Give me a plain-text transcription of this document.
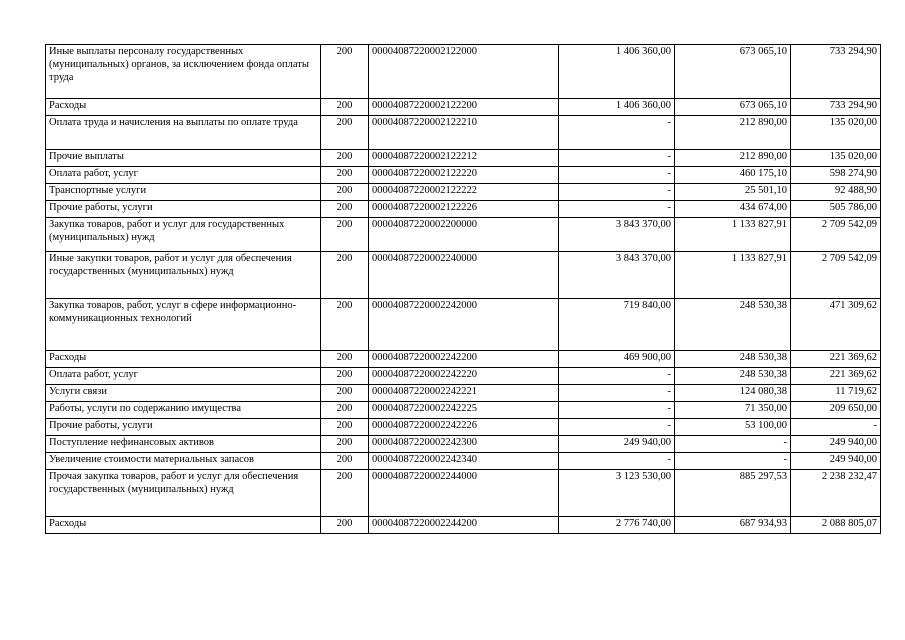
Иные выплаты персоналу государственных (муниципальных) органов, за исключением фонда оплаты труда	200	00004087220002122000	1 406 360,00	673 065,10	733 294,90
Расходы	200	00004087220002122200	1 406 360,00	673 065,10	733 294,90
Оплата труда и начисления на выплаты по оплате труда	200	00004087220002122210	-	212 890,00	135 020,00
Прочие выплаты	200	00004087220002122212	-	212 890,00	135 020,00
Оплата работ, услуг	200	00004087220002122220	-	460 175,10	598 274,90
Транспортные услуги	200	00004087220002122222	-	25 501,10	92 488,90
Прочие работы, услуги	200	00004087220002122226	-	434 674,00	505 786,00
Закупка товаров, работ и услуг для государственных (муниципальных) нужд	200	00004087220002200000	3 843 370,00	1 133 827,91	2 709 542,09
Иные закупки товаров, работ и услуг для обеспечения государственных (муниципальных) нужд	200	00004087220002240000	3 843 370,00	1 133 827,91	2 709 542,09
Закупка товаров, работ, услуг в сфере информационно-коммуникационных технологий	200	00004087220002242000	719 840,00	248 530,38	471 309,62
Расходы	200	00004087220002242200	469 900,00	248 530,38	221 369,62
Оплата работ, услуг	200	00004087220002242220	-	248 530,38	221 369,62
Услуги связи	200	00004087220002242221	-	124 080,38	11 719,62
Работы, услуги по содержанию имущества	200	00004087220002242225	-	71 350,00	209 650,00
Прочие работы, услуги	200	00004087220002242226	-	53 100,00	-
Поступление нефинансовых активов	200	00004087220002242300	249 940,00	-	249 940,00
Увеличение стоимости материальных запасов	200	00004087220002242340	-	-	249 940,00
Прочая закупка товаров, работ и услуг для обеспечения государственных (муниципальных) нужд	200	00004087220002244000	3 123 530,00	885 297,53	2 238 232,47
Расходы	200	00004087220002244200	2 776 740,00	687 934,93	2 088 805,07
